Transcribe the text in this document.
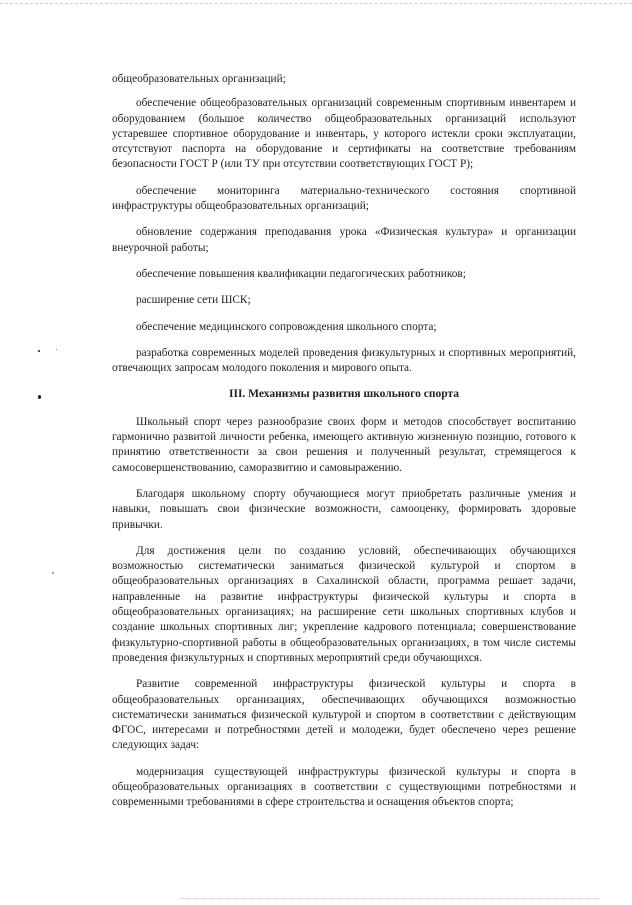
общеобразовательных организаций;

обеспечение общеобразовательных организаций современным спортивным инвентарем и оборудованием (большое количество общеобразовательных организаций используют устаревшее спортивное оборудование и инвентарь, у которого истекли сроки эксплуатации, отсутствуют паспорта на оборудование и сертификаты на соответствие требованиям безопасности ГОСТ Р (или ТУ при отсутствии соответствующих ГОСТ Р);

обеспечение мониторинга материально-технического состояния спортивной инфраструктуры общеобразовательных организаций;

обновление содержания преподавания урока «Физическая культура» и организации внеурочной работы;

обеспечение повышения квалификации педагогических работников;

расширение сети ШСК;

обеспечение медицинского сопровождения школьного спорта;

разработка современных моделей проведения физкультурных и спортивных мероприятий, отвечающих запросам молодого поколения и мирового опыта.

III. Механизмы развития школьного спорта

Школьный спорт через разнообразие своих форм и методов способствует воспитанию гармонично развитой личности ребенка, имеющего активную жизненную позицию, готового к принятию ответственности за свои решения и полученный результат, стремящегося к самосовершенствованию, саморазвитию и самовыражению.

Благодаря школьному спорту обучающиеся могут приобретать различные умения и навыки, повышать свои физические возможности, самооценку, формировать здоровые привычки.

Для достижения цели по созданию условий, обеспечивающих обучающихся возможностью систематически заниматься физической культурой и спортом в общеобразовательных организациях в Сахалинской области, программа решает задачи, направленные на развитие инфраструктуры физической культуры и спорта в общеобразовательных организациях; на расширение сети школьных спортивных клубов и создание школьных спортивных лиг; укрепление кадрового потенциала; совершенствование физкультурно-спортивной работы в общеобразовательных организациях, в том числе системы проведения физкультурных и спортивных мероприятий среди обучающихся.

Развитие современной инфраструктуры физической культуры и спорта в общеобразовательных организациях, обеспечивающих обучающихся возможностью систематически заниматься физической культурой и спортом в соответствии с действующим ФГОС, интересами и потребностями детей и молодежи, будет обеспечено через решение следующих задач:

модернизация существующей инфраструктуры физической культуры и спорта в общеобразовательных организациях в соответствии с существующими потребностями и современными требованиями в сфере строительства и оснащения объектов спорта;
